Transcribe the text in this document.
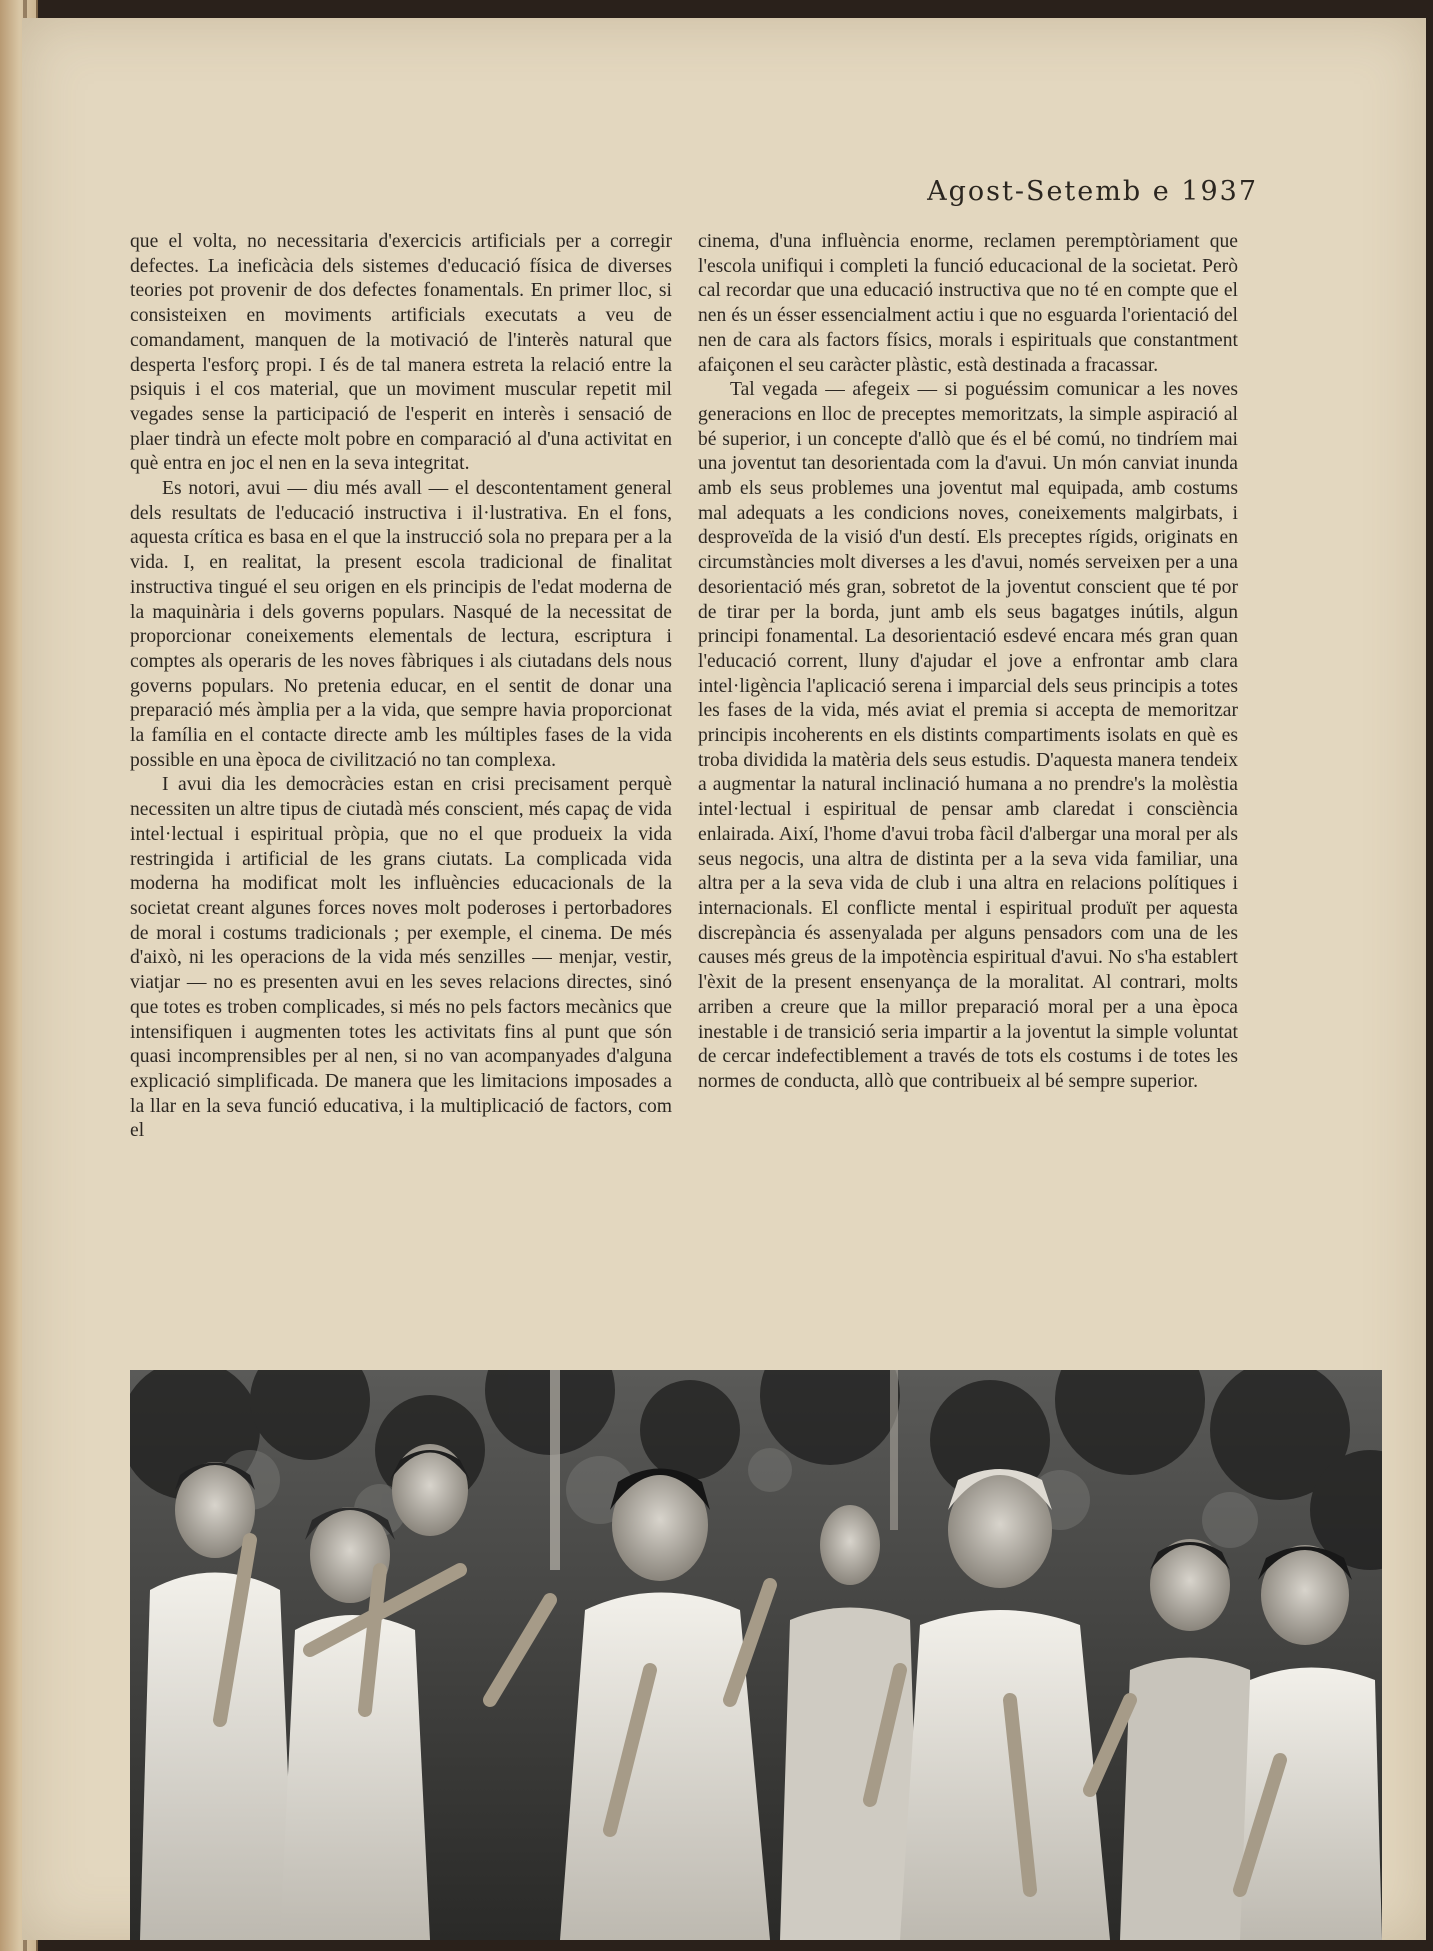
Agost-Setemb e 1937

que el volta, no necessitaria d'exercicis artificials per a corregir defectes. La ineficàcia dels sistemes d'educació física de diverses teories pot provenir de dos defectes fonamentals. En primer lloc, si consisteixen en moviments artificials executats a veu de comandament, manquen de la motivació de l'interès natural que desperta l'esforç propi. I és de tal manera estreta la relació entre la psiquis i el cos material, que un moviment muscular repetit mil vegades sense la participació de l'esperit en interès i sensació de plaer tindrà un efecte molt pobre en comparació al d'una activitat en què entra en joc el nen en la seva integritat.

Es notori, avui — diu més avall — el descontentament general dels resultats de l'educació instructiva i il·lustrativa. En el fons, aquesta crítica es basa en el que la instrucció sola no prepara per a la vida. I, en realitat, la present escola tradicional de finalitat instructiva tingué el seu origen en els principis de l'edat moderna de la maquinària i dels governs populars. Nasqué de la necessitat de proporcionar coneixements elementals de lectura, escriptura i comptes als operaris de les noves fàbriques i als ciutadans dels nous governs populars. No pretenia educar, en el sentit de donar una preparació més àmplia per a la vida, que sempre havia proporcionat la família en el contacte directe amb les múltiples fases de la vida possible en una època de civilització no tan complexa.

I avui dia les democràcies estan en crisi precisament perquè necessiten un altre tipus de ciutadà més conscient, més capaç de vida intel·lectual i espiritual pròpia, que no el que produeix la vida restringida i artificial de les grans ciutats. La complicada vida moderna ha modificat molt les influències educacionals de la societat creant algunes forces noves molt poderoses i pertorbadores de moral i costums tradicionals ; per exemple, el cinema. De més d'això, ni les operacions de la vida més senzilles — menjar, vestir, viatjar — no es presenten avui en les seves relacions directes, sinó que totes es troben complicades, si més no pels factors mecànics que intensifiquen i augmenten totes les activitats fins al punt que són quasi incomprensibles per al nen, si no van acompanyades d'alguna explicació simplificada. De manera que les limitacions imposades a la llar en la seva funció educativa, i la multiplicació de factors, com el

cinema, d'una influència enorme, reclamen peremptòriament que l'escola unifiqui i completi la funció educacional de la societat. Però cal recordar que una educació instructiva que no té en compte que el nen és un ésser essencialment actiu i que no esguarda l'orientació del nen de cara als factors físics, morals i espirituals que constantment afaiçonen el seu caràcter plàstic, està destinada a fracassar.

Tal vegada — afegeix — si poguéssim comunicar a les noves generacions en lloc de preceptes memoritzats, la simple aspiració al bé superior, i un concepte d'allò que és el bé comú, no tindríem mai una joventut tan desorientada com la d'avui. Un món canviat inunda amb els seus problemes una joventut mal equipada, amb costums mal adequats a les condicions noves, coneixements malgirbats, i desproveïda de la visió d'un destí. Els preceptes rígids, originats en circumstàncies molt diverses a les d'avui, només serveixen per a una desorientació més gran, sobretot de la joventut conscient que té por de tirar per la borda, junt amb els seus bagatges inútils, algun principi fonamental. La desorientació esdevé encara més gran quan l'educació corrent, lluny d'ajudar el jove a enfrontar amb clara intel·ligència l'aplicació serena i imparcial dels seus principis a totes les fases de la vida, més aviat el premia si accepta de memoritzar principis incoherents en els distints compartiments isolats en què es troba dividida la matèria dels seus estudis. D'aquesta manera tendeix a augmentar la natural inclinació humana a no prendre's la molèstia intel·lectual i espiritual de pensar amb claredat i consciència enlairada. Així, l'home d'avui troba fàcil d'albergar una moral per als seus negocis, una altra de distinta per a la seva vida familiar, una altra per a la seva vida de club i una altra en relacions polítiques i internacionals. El conflicte mental i espiritual produït per aquesta discrepància és assenyalada per alguns pensadors com una de les causes més greus de la impotència espiritual d'avui. No s'ha establert l'èxit de la present ensenyança de la moralitat. Al contrari, molts arriben a creure que la millor preparació moral per a una època inestable i de transició seria impartir a la joventut la simple voluntat de cercar indefectiblement a través de tots els costums i de totes les normes de conducta, allò que contribueix al bé sempre superior.
